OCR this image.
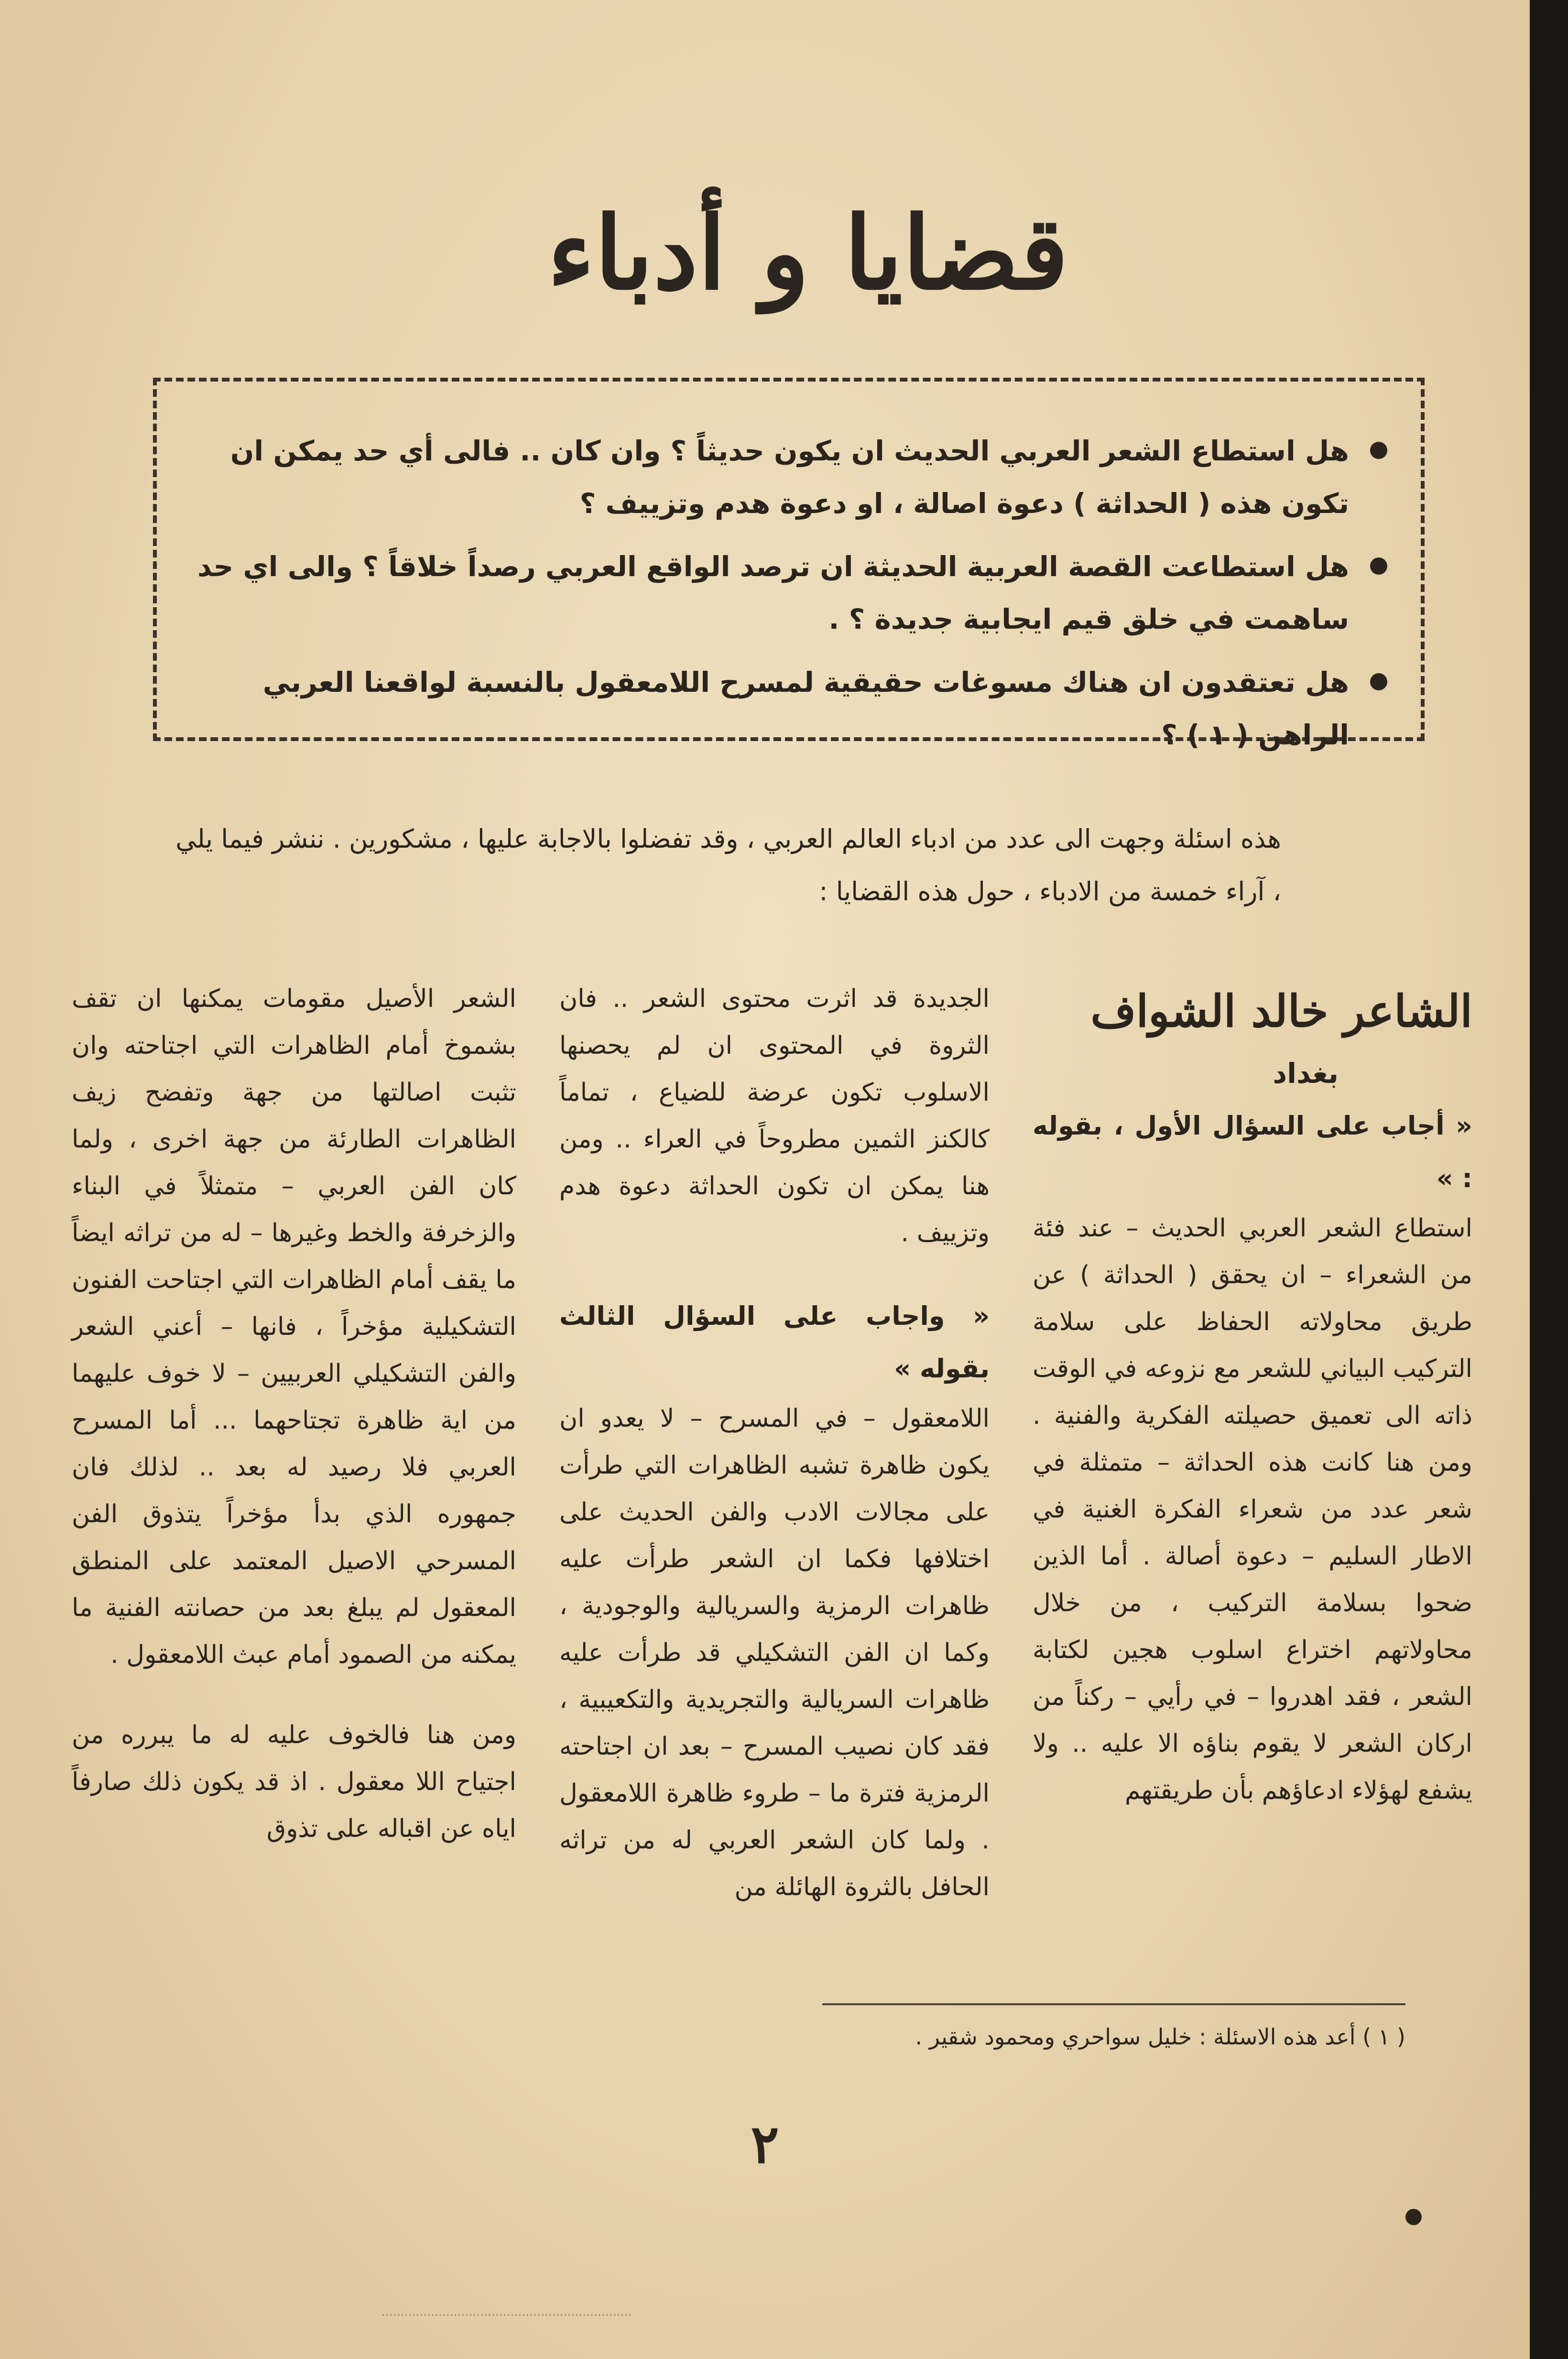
قضايا و أدباء
هل استطاع الشعر العربي الحديث ان يكون حديثاً ؟ وان كان .. فالى أي حد يمكن ان تكون هذه ( الحداثة ) دعوة اصالة ، او دعوة هدم وتزييف ؟
هل استطاعت القصة العربية الحديثة ان ترصد الواقع العربي رصداً خلاقاً ؟ والى اي حد ساهمت في خلق قيم ايجابية جديدة ؟ .
هل تعتقدون ان هناك مسوغات حقيقية لمسرح اللامعقول بالنسبة لواقعنا العربي الراهن ( ١ ) ؟
هذه اسئلة وجهت الى عدد من ادباء العالم العربي ، وقد تفضلوا بالاجابة عليها ، مشكورين . ننشر فيما يلي ، آراء خمسة من الادباء ، حول هذه القضايا :

الشاعر خالد الشواف

بغداد

« أجاب على السؤال الأول ، بقوله : »

استطاع الشعر العربي الحديث – عند فئة من الشعراء – ان يحقق ( الحداثة ) عن طريق محاولاته الحفاظ على سلامة التركيب البياني للشعر مع نزوعه في الوقت ذاته الى تعميق حصيلته الفكرية والفنية . ومن هنا كانت هذه الحداثة – متمثلة في شعر عدد من شعراء الفكرة الغنية في الاطار السليم – دعوة أصالة . أما الذين ضحوا بسلامة التركيب ، من خلال محاولاتهم اختراع اسلوب هجين لكتابة الشعر ، فقد اهدروا – في رأيي – ركناً من اركان الشعر لا يقوم بناؤه الا عليه .. ولا يشفع لهؤلاء ادعاؤهم بأن طريقتهم

الجديدة قد اثرت محتوى الشعر .. فان الثروة في المحتوى ان لم يحصنها الاسلوب تكون عرضة للضياع ، تماماً كالكنز الثمين مطروحاً في العراء .. ومن هنا يمكن ان تكون الحداثة دعوة هدم وتزييف .

« واجاب على السؤال الثالث بقوله »

اللامعقول – في المسرح – لا يعدو ان يكون ظاهرة تشبه الظاهرات التي طرأت على مجالات الادب والفن الحديث على اختلافها فكما ان الشعر طرأت عليه ظاهرات الرمزية والسريالية والوجودية ، وكما ان الفن التشكيلي قد طرأت عليه ظاهرات السريالية والتجريدية والتكعيبية ، فقد كان نصيب المسرح – بعد ان اجتاحته الرمزية فترة ما – طروء ظاهرة اللامعقول . ولما كان الشعر العربي له من تراثه الحافل بالثروة الهائلة من

الشعر الأصيل مقومات يمكنها ان تقف بشموخ أمام الظاهرات التي اجتاحته وان تثبت اصالتها من جهة وتفضح زيف الظاهرات الطارئة من جهة اخرى ، ولما كان الفن العربي – متمثلاً في البناء والزخرفة والخط وغيرها – له من تراثه ايضاً ما يقف أمام الظاهرات التي اجتاحت الفنون التشكيلية مؤخراً ، فانها – أعني الشعر والفن التشكيلي العربيين – لا خوف عليهما من اية ظاهرة تجتاحهما ... أما المسرح العربي فلا رصيد له بعد .. لذلك فان جمهوره الذي بدأ مؤخراً يتذوق الفن المسرحي الاصيل المعتمد على المنطق المعقول لم يبلغ بعد من حصانته الفنية ما يمكنه من الصمود أمام عبث اللامعقول .

ومن هنا فالخوف عليه له ما يبرره من اجتياح اللا معقول . اذ قد يكون ذلك صارفاً اياه عن اقباله على تذوق

( ١ ) أعد هذه الاسئلة : خليل سواحري ومحمود شقير .
٢
